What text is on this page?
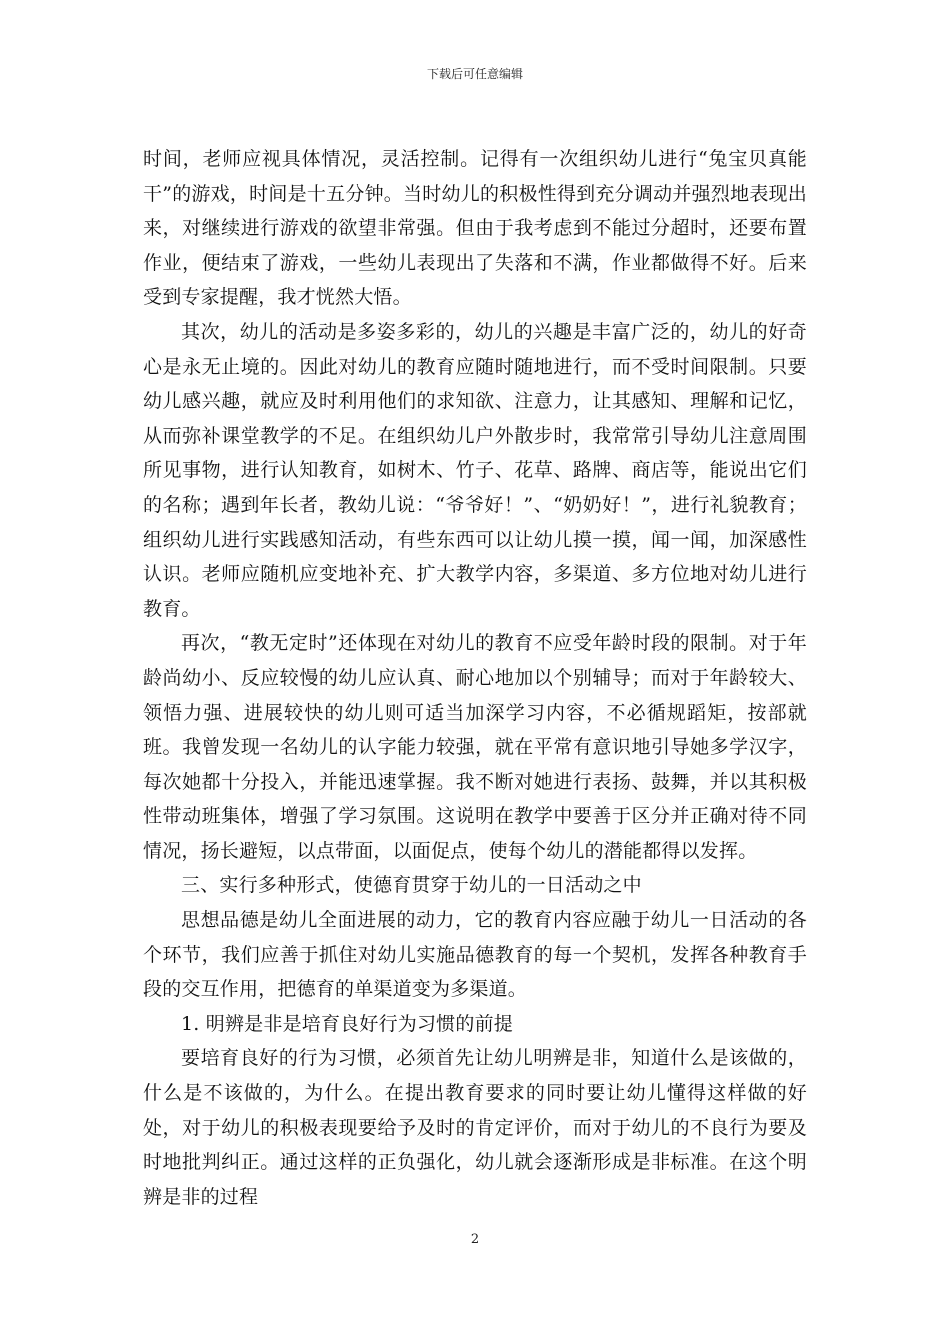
下载后可任意编辑

时间，老师应视具体情况，灵活控制。记得有一次组织幼儿进行“兔宝贝真能干”的游戏，时间是十五分钟。当时幼儿的积极性得到充分调动并强烈地表现出来，对继续进行游戏的欲望非常强。但由于我考虑到不能过分超时，还要布置作业，便结束了游戏，一些幼儿表现出了失落和不满，作业都做得不好。后来受到专家提醒，我才恍然大悟。

其次，幼儿的活动是多姿多彩的，幼儿的兴趣是丰富广泛的，幼儿的好奇心是永无止境的。因此对幼儿的教育应随时随地进行，而不受时间限制。只要幼儿感兴趣，就应及时利用他们的求知欲、注意力，让其感知、理解和记忆，从而弥补课堂教学的不足。在组织幼儿户外散步时，我常常引导幼儿注意周围所见事物，进行认知教育，如树木、竹子、花草、路牌、商店等，能说出它们的名称；遇到年长者，教幼儿说：“爷爷好！”、“奶奶好！”，进行礼貌教育；组织幼儿进行实践感知活动，有些东西可以让幼儿摸一摸，闻一闻，加深感性认识。老师应随机应变地补充、扩大教学内容，多渠道、多方位地对幼儿进行教育。

再次，“教无定时”还体现在对幼儿的教育不应受年龄时段的限制。对于年龄尚幼小、反应较慢的幼儿应认真、耐心地加以个别辅导；而对于年龄较大、领悟力强、进展较快的幼儿则可适当加深学习内容，不必循规蹈矩，按部就班。我曾发现一名幼儿的认字能力较强，就在平常有意识地引导她多学汉字，每次她都十分投入，并能迅速掌握。我不断对她进行表扬、鼓舞，并以其积极性带动班集体，增强了学习氛围。这说明在教学中要善于区分并正确对待不同情况，扬长避短，以点带面，以面促点，使每个幼儿的潜能都得以发挥。

三、实行多种形式，使德育贯穿于幼儿的一日活动之中

思想品德是幼儿全面进展的动力，它的教育内容应融于幼儿一日活动的各个环节，我们应善于抓住对幼儿实施品德教育的每一个契机，发挥各种教育手段的交互作用，把德育的单渠道变为多渠道。

1. 明辨是非是培育良好行为习惯的前提

要培育良好的行为习惯，必须首先让幼儿明辨是非，知道什么是该做的，什么是不该做的，为什么。在提出教育要求的同时要让幼儿懂得这样做的好处，对于幼儿的积极表现要给予及时的肯定评价，而对于幼儿的不良行为要及时地批判纠正。通过这样的正负强化，幼儿就会逐渐形成是非标准。在这个明辨是非的过程

2
